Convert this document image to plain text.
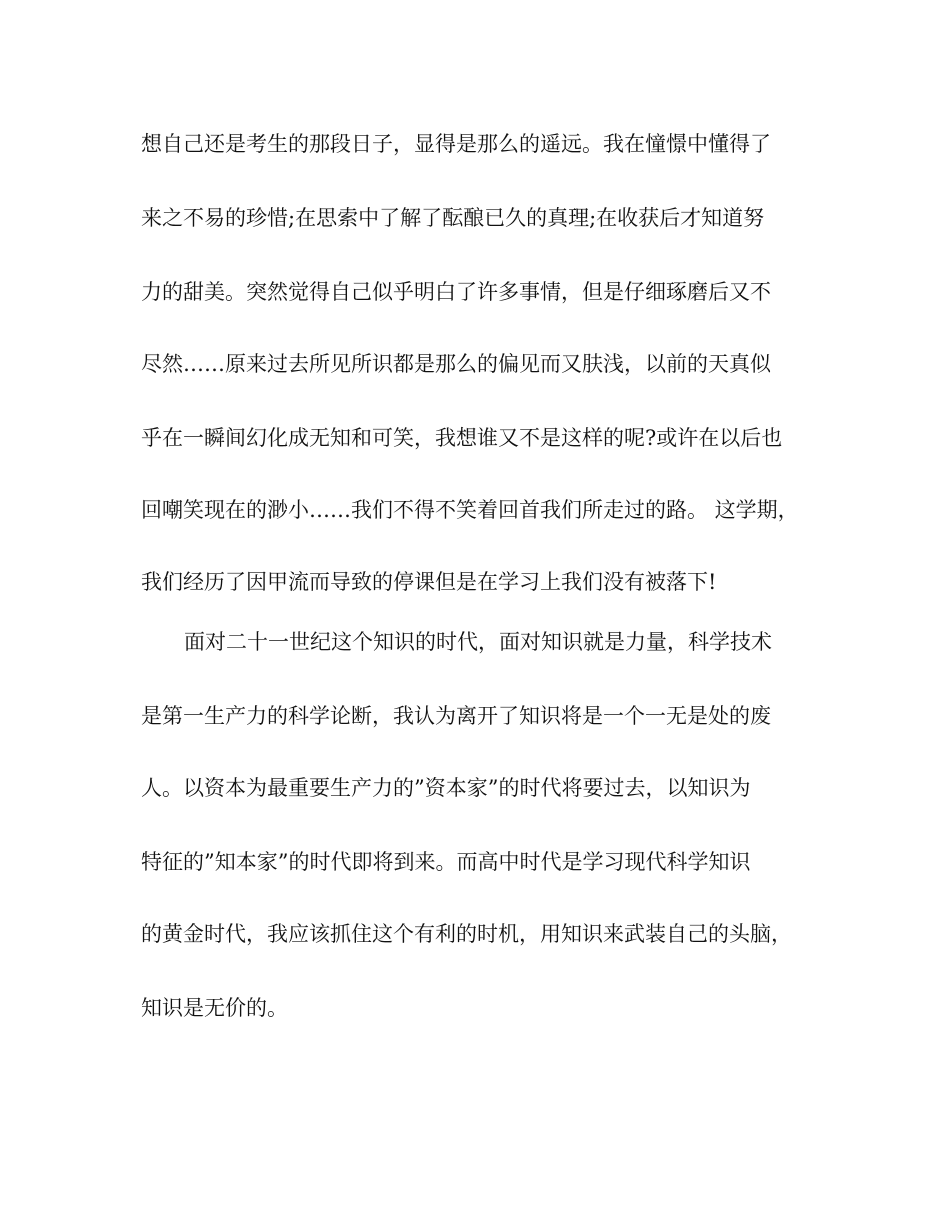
想自己还是考生的那段日子，显得是那么的遥远。我在憧憬中懂得了
来之不易的珍惜;在思索中了解了酝酿已久的真理;在收获后才知道努
力的甜美。突然觉得自己似乎明白了许多事情，但是仔细琢磨后又不
尽然……原来过去所见所识都是那么的偏见而又肤浅，以前的天真似
乎在一瞬间幻化成无知和可笑，我想谁又不是这样的呢?或许在以后也
回嘲笑现在的渺小……我们不得不笑着回首我们所走过的路。 这学期，
我们经历了因甲流而导致的停课但是在学习上我们没有被落下!
面对二十一世纪这个知识的时代，面对知识就是力量，科学技术
是第一生产力的科学论断，我认为离开了知识将是一个一无是处的废
人。以资本为最重要生产力的”资本家”的时代将要过去，以知识为
特征的”知本家”的时代即将到来。而高中时代是学习现代科学知识
的黄金时代，我应该抓住这个有利的时机，用知识来武装自己的头脑，
知识是无价的。
